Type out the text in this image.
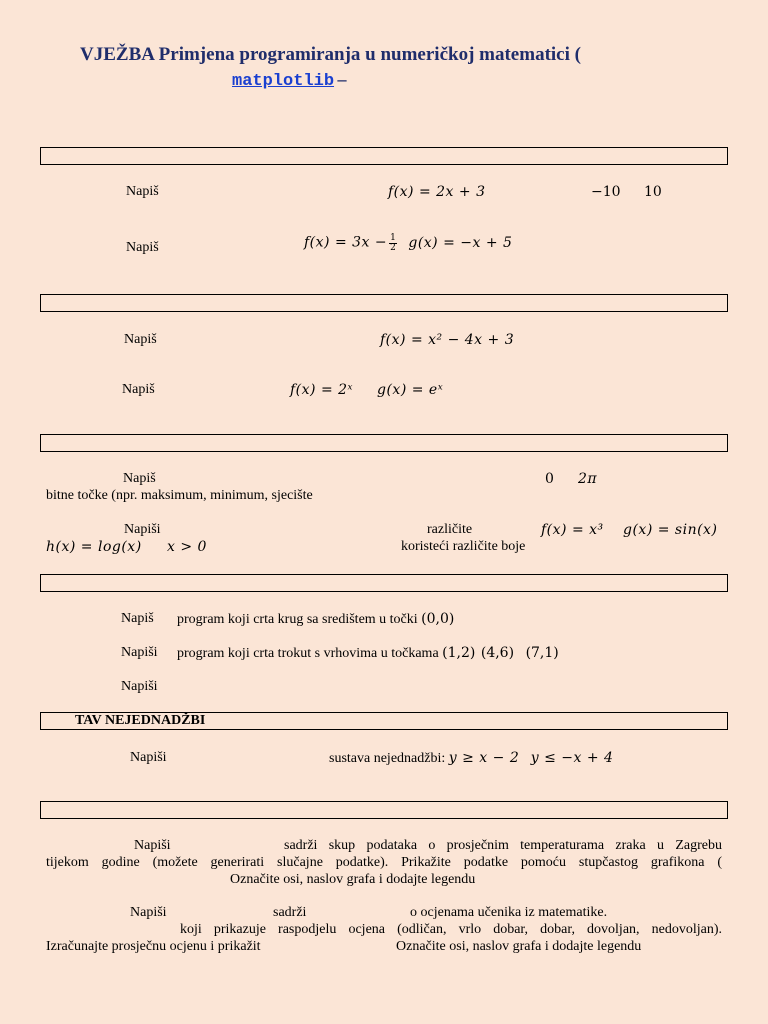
VJEŽBA Primjena programiranja u numeričkoj matematici (
matplotlib –
TAV NEJEDNADŽBI
Napiš	f(x) = 2x + 3	−10 10
Napiš	$f(x) = 3x - \frac{1}{2} g(x) = -x + 5$
Napiš	f(x) = x² − 4x + 3
Napiš	f(x) = 2ˣ g(x) = eˣ
Napiš	0 2π
bitne točke (npr. maksimum, minimum, sjecište
Napiši	različite	f(x) = x³ g(x) = sin(x)
h(x) = log(x) x > 0	koristeći različite boje
Napiš program koji crta krug sa središtem u točki (0,0)
Napiši program koji crta trokut s vrhovima u točkama (1,2) (4,6) (7,1)
Napiši
Napiši	sustava nejednadžbi: y ≥ x − 2 y ≤ −x + 4
Napiši	sadrži skup podataka o prosječnim temperaturama zraka u Zagrebu
tijekom godine (možete generirati slučajne podatke). Prikažite podatke pomoću stupčastog grafikona (
Označite osi, naslov grafa i dodajte legendu
Napiši	sadrži	o ocjenama učenika iz matematike.
koji prikazuje raspodjelu ocjena (odličan, vrlo dobar, dobar, dovoljan, nedovoljan).
Izračunajte prosječnu ocjenu i prikažit	Označite osi, naslov grafa i dodajte legendu
